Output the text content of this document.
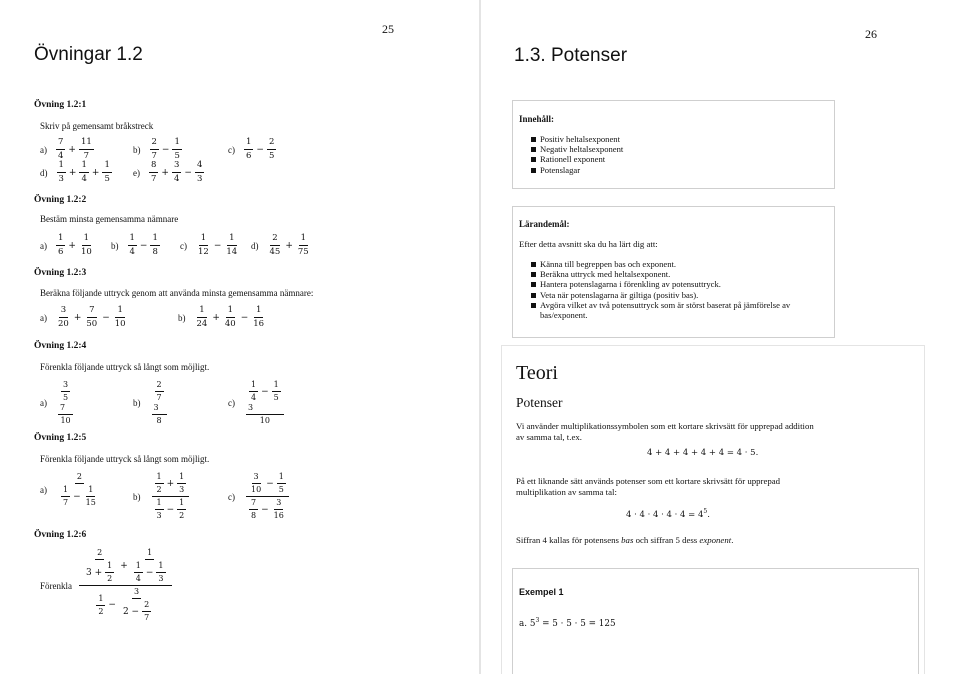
25
Övningar 1.2
Övning 1.2:1
Skriv på gemensamt bråkstreck
$a) \frac{7}{4} + \frac{11}{7}$	$b) \frac{2}{7} - \frac{1}{5}$	$c) \frac{1}{6} - \frac{2}{5}$
$d) \frac{1}{3} + \frac{1}{4} + \frac{1}{5} e) \frac{8}{7} + \frac{3}{4} - \frac{4}{3}$
Övning 1.2:2
Bestäm minsta gemensamma nämnare
$a) \frac{1}{6} + \frac{1}{10} b) \frac{1}{4} - \frac{1}{8} c) \frac{1}{12} - \frac{1}{14} d) \frac{2}{45} + \frac{1}{75}$
Övning 1.2:3
Beräkna följande uttryck genom att använda minsta gemensamma nämnare:
$a) \frac{3}{20} + \frac{7}{50} - \frac{1}{10}$	$b) \frac{1}{24} + \frac{1}{40} - \frac{1}{16}$
Övning 1.2:4
Förenkla följande uttryck så långt som möjligt.
$a) \frac{3}{5}$
7
10	$b) \frac{2}{7}$
3
8	$c) \frac{1}{4} - \frac{1}{5}$
3
10
Övning 1.2:5
Förenkla följande uttryck så långt som möjligt.
$a) \frac{2}{\frac{1}{7} - \frac{1}{15}}$	$b) \frac{\frac{1}{2} + \frac{1}{3}}{\frac{1}{3} - \frac{1}{2}}$	$c) \frac{\frac{3}{10} - \frac{1}{5}}{\frac{7}{8} - \frac{3}{16}}$
Övning 1.2:6
Förenkla $\frac{\frac{2}{3 + \frac{1}{2}} + \frac{1}{\frac{1}{4} - \frac{1}{3}}}{\frac{1}{2} - \frac{3}{2 - \frac{2}{7}}}$
26
1.3. Potenser
Innehåll:
Positiv heltalsexponent
Negativ heltalsexponent
Rationell exponent
Potenslagar
Lärandemål:
Efter detta avsnitt ska du ha lärt dig att:
Känna till begreppen bas och exponent.
Beräkna uttryck med heltalsexponent.
Hantera potenslagarna i förenkling av potensuttryck.
Veta när potenslagarna är giltiga (positiv bas).
Avgöra vilket av två potensuttryck som är störst baserat på jämförelse av bas/exponent.
Teori
Potenser
Vi använder multiplikationssymbolen som ett kortare skrivsätt för upprepad addition av samma tal, t.ex.
4 + 4 + 4 + 4 + 4 = 4 · 5.
På ett liknande sätt används potenser som ett kortare skrivsätt för upprepad multiplikation av samma tal:
$4 \cdot 4 \cdot 4 \cdot 4 \cdot 4 = 4^5$.
Siffran 4 kallas för potensens bas och siffran 5 dess exponent.
Exempel 1
a. $5^3 = 5 \cdot 5 \cdot 5 = 125$
